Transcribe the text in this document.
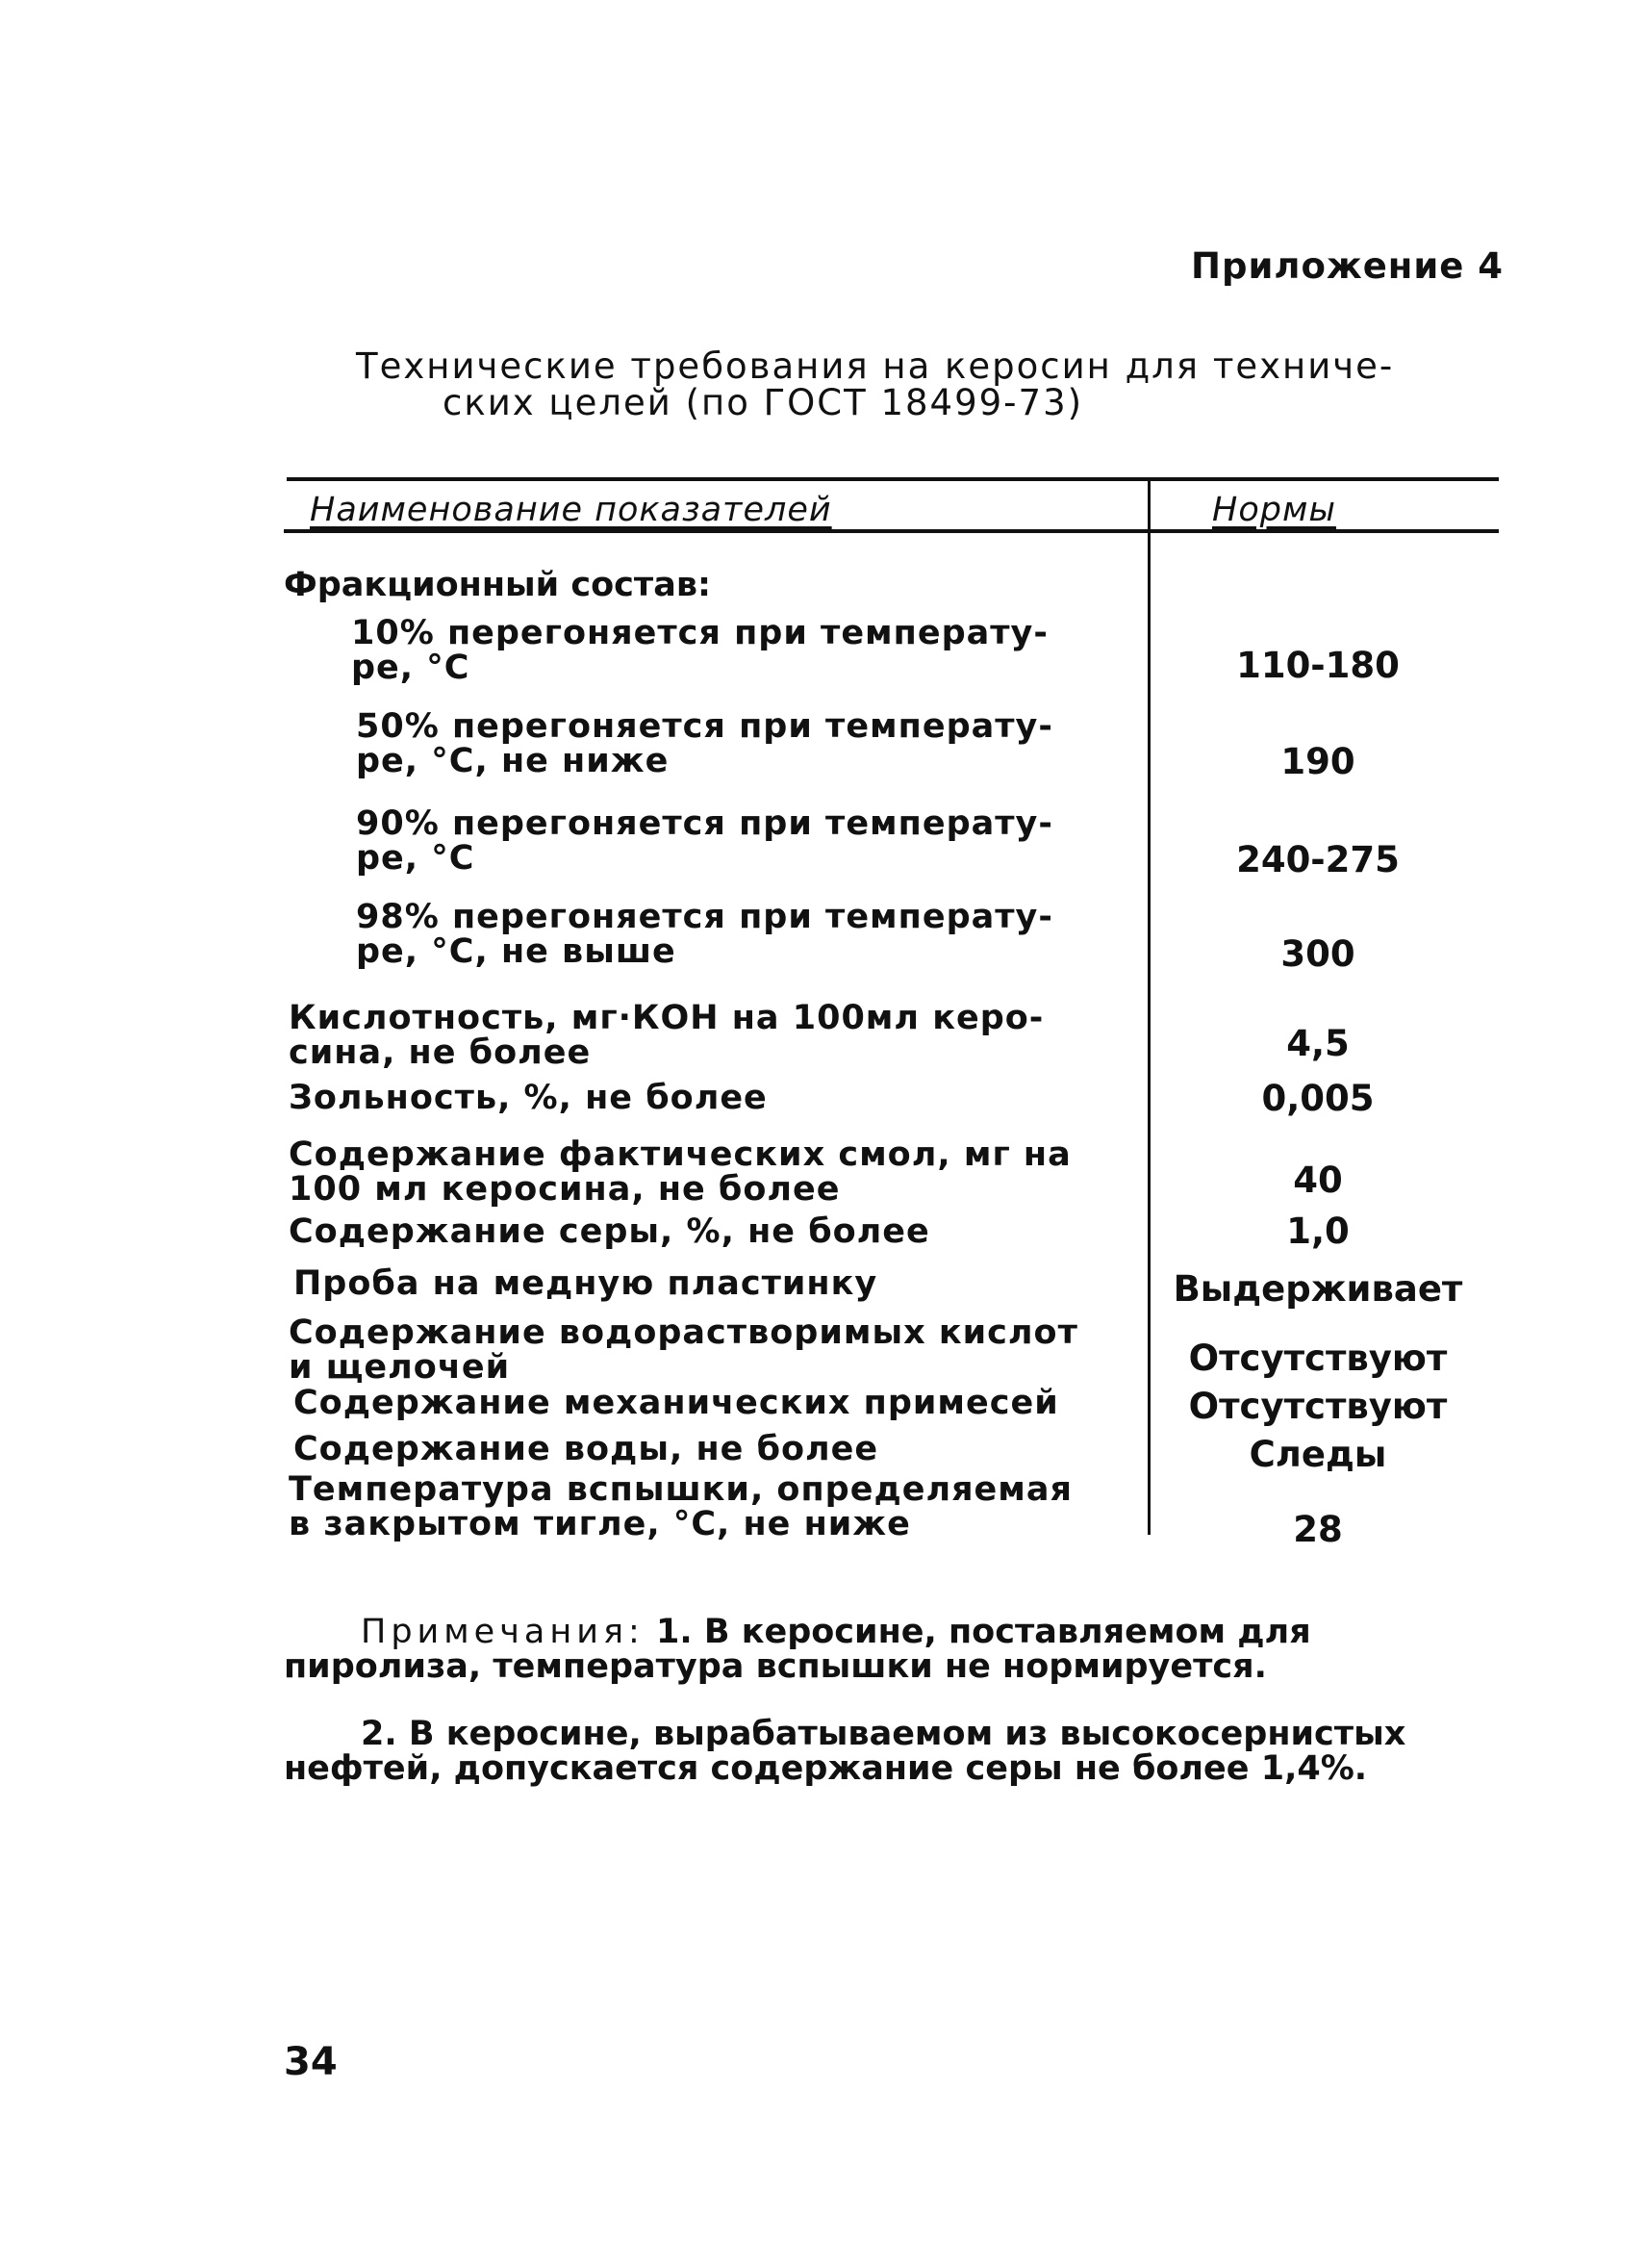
Приложение 4
Технические требования на керосин для техниче-
ских целей (по ГОСТ 18499-73)
Наименование показателей	Нормы
Фракционный состав:
10% перегоняется при температу-
ре, °С	110-180
50% перегоняется при температу-
ре, °С, не ниже	190
90% перегоняется при температу-
ре, °С	240-275
98% перегоняется при температу-
ре, °С, не выше	300
Кислотность, мг·КОН на 100мл керо-
сина, не более	4,5
Зольность, %, не более	0,005
Содержание фактических смол, мг на
100 мл керосина, не более	40
Содержание серы, %, не более	1,0
Проба на медную пластинку	Выдерживает
Содержание водорастворимых кислот
и щелочей	Отсутствуют
Содержание механических примесей	Отсутствуют
Содержание воды, не более	Следы
Температура вспышки, определяемая
в закрытом тигле, °С, не ниже	28

Примечания: 1. В керосине, поставляемом для
пиролиза, температура вспышки не нормируется.

2. В керосине, вырабатываемом из высокосернистых
нефтей, допускается содержание серы не более 1,4%.

34
